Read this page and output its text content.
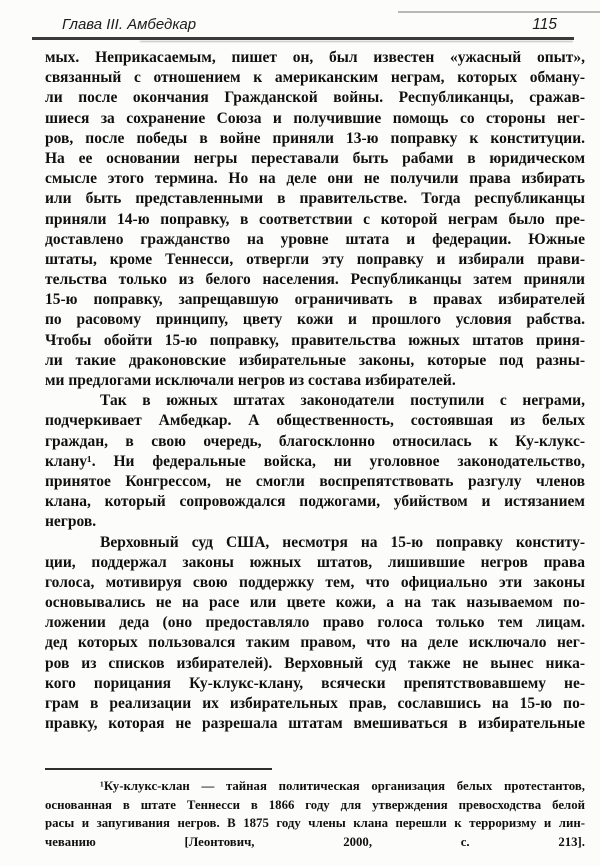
Глава III. Амбедкар	115
мых. Неприкасаемым, пишет он, был известен «ужасный опыт»,
связанный с отношением к американским неграм, которых обману-
ли после окончания Гражданской войны. Республиканцы, сражав-
шиеся за сохранение Союза и получившие помощь со стороны нег-
ров, после победы в войне приняли 13-ю поправку к конституции.
На ее основании негры переставали быть рабами в юридическом
смысле этого термина. Но на деле они не получили права избирать
или быть представленными в правительстве. Тогда республиканцы
приняли 14-ю поправку, в соответствии с которой неграм было пре-
доставлено гражданство на уровне штата и федерации. Южные
штаты, кроме Теннесси, отвергли эту поправку и избирали прави-
тельства только из белого населения. Республиканцы затем приняли
15-ю поправку, запрещавшую ограничивать в правах избирателей
по расовому принципу, цвету кожи и прошлого условия рабства.
Чтобы обойти 15-ю поправку, правительства южных штатов приня-
ли такие драконовские избирательные законы, которые под разны-
ми предлогами исключали негров из состава избирателей.
Так в южных штатах законодатели поступили с неграми,
подчеркивает Амбедкар. А общественность, состоявшая из белых
граждан, в свою очередь, благосклонно относилась к Ку-клукс-
клану¹. Ни федеральные войска, ни уголовное законодательство,
принятое Конгрессом, не смогли воспрепятствовать разгулу членов
клана, который сопровождался поджогами, убийством и истязанием
негров.
Верховный суд США, несмотря на 15-ю поправку конститу-
ции, поддержал законы южных штатов, лишившие негров права
голоса, мотивируя свою поддержку тем, что официально эти законы
основывались не на расе или цвете кожи, а на так называемом по-
ложении деда (оно предоставляло право голоса только тем лицам.
дед которых пользовался таким правом, что на деле исключало нег-
ров из списков избирателей). Верховный суд также не вынес ника-
кого порицания Ку-клукс-клану, всячески препятствовавшему не-
грам в реализации их избирательных прав, сославшись на 15-ю по-
правку, которая не разрешала штатам вмешиваться в избирательные
¹Ку-клукс-клан — тайная политическая организация белых протестантов,
основанная в штате Теннесси в 1866 году для утверждения превосходства белой
расы и запугивания негров. В 1875 году члены клана перешли к терроризму и лин-
чеванию [Леонтович, 2000, с. 213].
